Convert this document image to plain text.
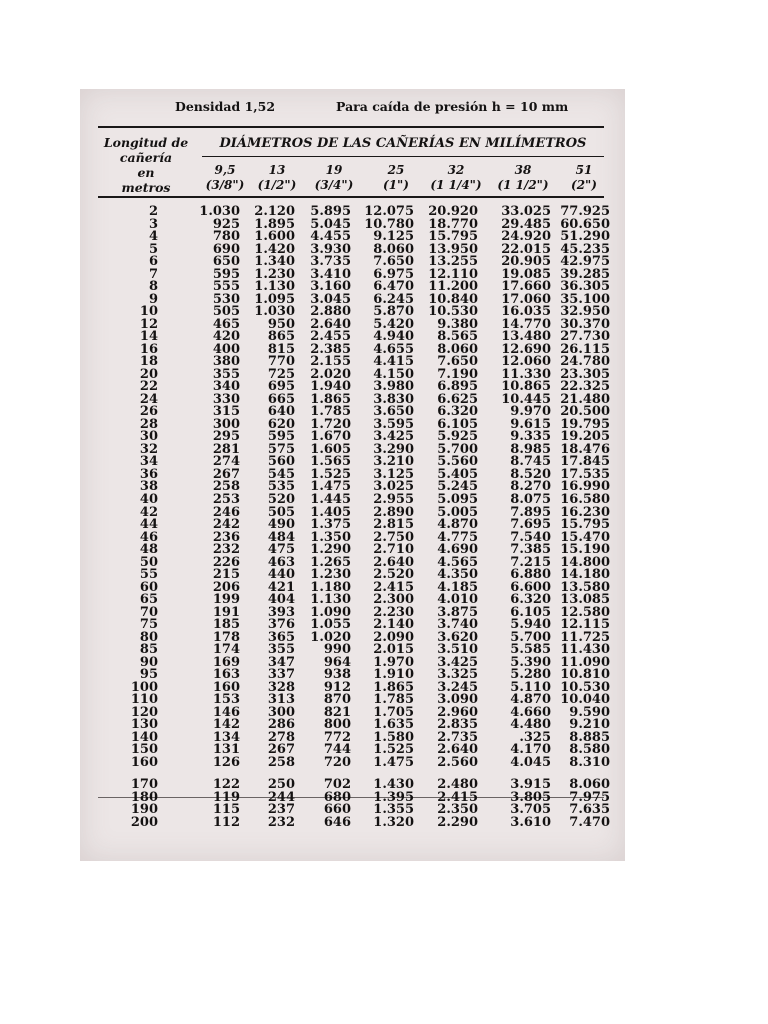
Densidad 1,52	Para caída de presión h = 10 mm
Longitud de
cañería
en
metros
DIÁMETROS DE LAS CAÑERÍAS EN MILÍMETROS
9,5
(3/8")
13
(1/2")
19
(3/4")
25
(1")
32
(1 1/4")
38
(1 1/2")
51
(2")
2	1.030 2.120 5.895 12.075 20.920 33.025 77.925
3	925 1.895 5.045 10.780 18.770 29.485 60.650
4	780 1.600 4.455 9.125 15.795 24.920 51.290
5	690 1.420 3.930 8.060 13.950 22.015 45.235
6	650 1.340 3.735 7.650 13.255 20.905 42.975
7	595 1.230 3.410 6.975 12.110 19.085 39.285
8	555 1.130 3.160 6.470 11.200 17.660 36.305
9	530 1.095 3.045 6.245 10.840 17.060 35.100
10	505 1.030 2.880 5.870 10.530 16.035 32.950
12	465 950 2.640 5.420 9.380 14.770 30.370
14	420 865 2.455 4.940 8.565 13.480 27.730
16	400 815 2.385 4.655 8.060 12.690 26.115
18	380 770 2.155 4.415 7.650 12.060 24.780
20	355 725 2.020 4.150 7.190 11.330 23.305
22	340 695 1.940 3.980 6.895 10.865 22.325
24	330 665 1.865 3.830 6.625 10.445 21.480
26	315 640 1.785 3.650 6.320 9.970 20.500
28	300 620 1.720 3.595 6.105 9.615 19.795
30	295 595 1.670 3.425 5.925 9.335 19.205
32	281 575 1.605 3.290 5.700 8.985 18.476
34	274 560 1.565 3.210 5.560 8.745 17.845
36	267 545 1.525 3.125 5.405 8.520 17.535
38	258 535 1.475 3.025 5.245 8.270 16.990
40	253 520 1.445 2.955 5.095 8.075 16.580
42	246 505 1.405 2.890 5.005 7.895 16.230
44	242 490 1.375 2.815 4.870 7.695 15.795
46	236 484 1.350 2.750 4.775 7.540 15.470
48	232 475 1.290 2.710 4.690 7.385 15.190
50	226 463 1.265 2.640 4.565 7.215 14.800
55	215 440 1.230 2.520 4.350 6.880 14.180
60	206 421 1.180 2.415 4.185 6.600 13.580
65	199 404 1.130 2.300 4.010 6.320 13.085
70	191 393 1.090 2.230 3.875 6.105 12.580
75	185 376 1.055 2.140 3.740 5.940 12.115
80	178 365 1.020 2.090 3.620 5.700 11.725
85	174 355 990 2.015 3.510 5.585 11.430
90	169 347 964 1.970 3.425 5.390 11.090
95	163 337 938 1.910 3.325 5.280 10.810
100	160 328 912 1.865 3.245 5.110 10.530
110	153 313 870 1.785 3.090 4.870 10.040
120	146 300 821 1.705 2.960 4.660 9.590
130	142 286 800 1.635 2.835 4.480 9.210
140	134 278 772 1.580 2.735	.325 8.885
150	131 267 744 1.525 2.640 4.170 8.580
160	126 258 720 1.475 2.560 4.045 8.310
170	122 250 702 1.430 2.480 3.915 8.060
180	119 244 680 1.395 2.415 3.805 7.975
190	115 237 660 1.355 2.350 3.705 7.635
200	112 232 646 1.320 2.290 3.610 7.470
